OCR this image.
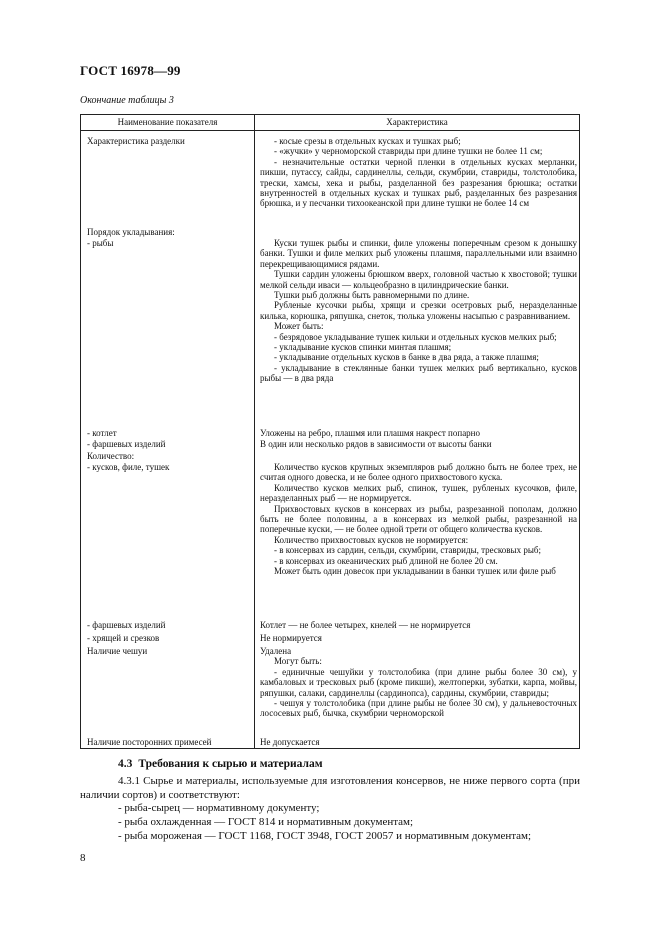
ГОСТ 16978—99
Окончание таблицы 3
Наименование показателя	Характеристика
Характеристика разделки
Порядок укладывания:
- рыбы
- котлет
- фаршевых изделий
Количество:
- кусков, филе, тушек
- фаршевых изделий
- хрящей и срезков
Наличие чешуи
Наличие посторонних примесей
- косые срезы в отдельных кусках и тушках рыб;
- «жучки» у черноморской ставриды при длине тушки не более 11 см;
- незначительные остатки черной пленки в отдельных кусках мерланки, пикши, путассу, сайды, сардинеллы, сельди, скумбрии, ставриды, толстолобика, трески, хамсы, хека и рыбы, разделанной без разрезания брюшка; остатки внутренностей в отдельных кусках и тушках рыб, разделанных без разрезания брюшка, и у песчанки тихоокеанской при длине тушки не более 14 см
Куски тушек рыбы и спинки, филе уложены поперечным срезом к донышку банки. Тушки и филе мелких рыб уложены плашмя, параллельными или взаимно перекрещивающимися рядами.
Тушки сардин уложены брюшком вверх, головной частью к хвостовой; тушки мелкой сельди иваси — кольцеобразно в цилиндрические банки.
Тушки рыб должны быть равномерными по длине.
Рубленые кусочки рыбы, хрящи и срезки осетровых рыб, неразделанные килька, корюшка, ряпушка, снеток, тюлька уложены насыпью с разравниванием.
Может быть:
- безрядовое укладывание тушек кильки и отдельных кусков мелких рыб;
- укладывание кусков спинки минтая плашмя;
- укладывание отдельных кусков в банке в два ряда, а также плашмя;
- укладывание в стеклянные банки тушек мелких рыб вертикально, кусков рыбы — в два ряда
Уложены на ребро, плашмя или плашмя накрест попарно
В один или несколько рядов в зависимости от высоты банки
Количество кусков крупных экземпляров рыб должно быть не более трех, не считая одного довеска, и не более одного прихвостового куска.
Количество кусков мелких рыб, спинок, тушек, рубленых кусочков, филе, неразделанных рыб — не нормируется.
Прихвостовых кусков в консервах из рыбы, разрезанной пополам, должно быть не более половины, а в консервах из мелкой рыбы, разрезанной на поперечные куски, — не более одной трети от общего количества кусков.
Количество прихвостовых кусков не нормируется:
- в консервах из сардин, сельди, скумбрии, ставриды, тресковых рыб;
- в консервах из океанических рыб длиной не более 20 см.
Может быть один довесок при укладывании в банки тушек или филе рыб
Котлет — не более четырех, кнелей — не нормируется
Не нормируется
Удалена
Могут быть:
- единичные чешуйки у толстолобика (при длине рыбы более 30 см), у камбаловых и тресковых рыб (кроме пикши), желтоперки, зубатки, карпа, мойвы, ряпушки, салаки, сардинеллы (сардинопса), сардины, скумбрии, ставриды;
- чешуя у толстолобика (при длине рыбы не более 30 см), у дальневосточных лососевых рыб, бычка, скумбрии черноморской
Не допускается
4.3 Требования к сырью и материалам
4.3.1 Сырье и материалы, используемые для изготовления консервов, не ниже первого сорта (при наличии сортов) и соответствуют:
- рыба-сырец — нормативному документу;
- рыба охлажденная — ГОСТ 814 и нормативным документам;
- рыба мороженая — ГОСТ 1168, ГОСТ 3948, ГОСТ 20057 и нормативным документам;
8
